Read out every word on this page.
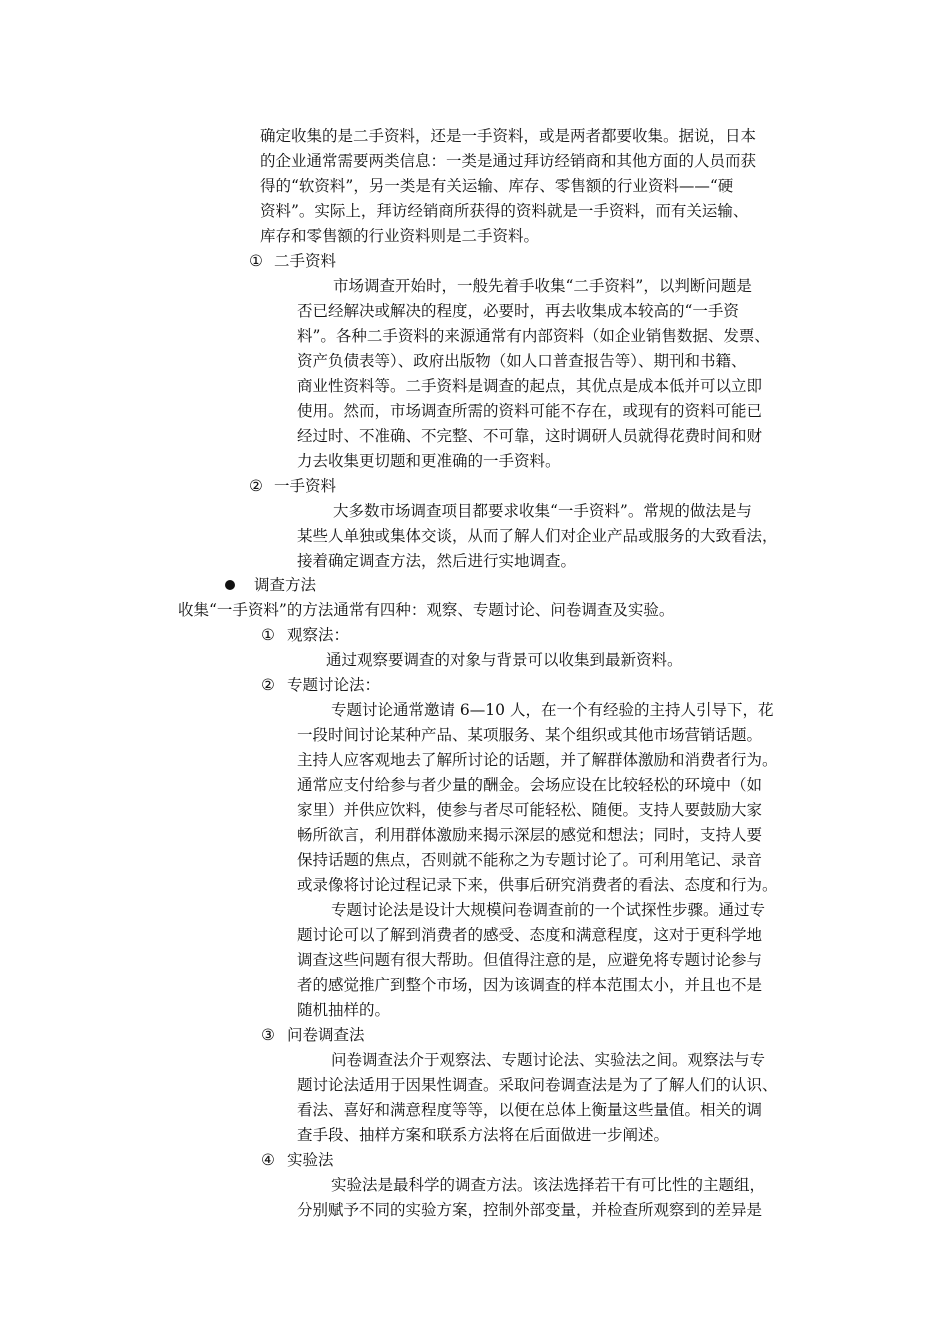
确定收集的是二手资料，还是一手资料，或是两者都要收集。据说，日本
的企业通常需要两类信息：一类是通过拜访经销商和其他方面的人员而获
得的“软资料”，另一类是有关运输、库存、零售额的行业资料——“硬
资料”。实际上，拜访经销商所获得的资料就是一手资料，而有关运输、
库存和零售额的行业资料则是二手资料。
① 二手资料
市场调查开始时，一般先着手收集“二手资料”，以判断问题是
否已经解决或解决的程度，必要时，再去收集成本较高的“一手资
料”。各种二手资料的来源通常有内部资料（如企业销售数据、发票、
资产负债表等）、政府出版物（如人口普查报告等）、期刊和书籍、
商业性资料等。二手资料是调查的起点，其优点是成本低并可以立即
使用。然而，市场调查所需的资料可能不存在，或现有的资料可能已
经过时、不准确、不完整、不可靠，这时调研人员就得花费时间和财
力去收集更切题和更准确的一手资料。
② 一手资料
大多数市场调查项目都要求收集“一手资料”。常规的做法是与
某些人单独或集体交谈，从而了解人们对企业产品或服务的大致看法，
接着确定调查方法，然后进行实地调查。
调查方法
收集“一手资料”的方法通常有四种：观察、专题讨论、问卷调查及实验。
① 观察法：
通过观察要调查的对象与背景可以收集到最新资料。
② 专题讨论法：
专题讨论通常邀请 6—10 人，在一个有经验的主持人引导下，花
一段时间讨论某种产品、某项服务、某个组织或其他市场营销话题。
主持人应客观地去了解所讨论的话题，并了解群体激励和消费者行为。
通常应支付给参与者少量的酬金。会场应设在比较轻松的环境中（如
家里）并供应饮料，使参与者尽可能轻松、随便。支持人要鼓励大家
畅所欲言，利用群体激励来揭示深层的感觉和想法；同时，支持人要
保持话题的焦点，否则就不能称之为专题讨论了。可利用笔记、录音
或录像将讨论过程记录下来，供事后研究消费者的看法、态度和行为。
专题讨论法是设计大规模问卷调查前的一个试探性步骤。通过专
题讨论可以了解到消费者的感受、态度和满意程度，这对于更科学地
调查这些问题有很大帮助。但值得注意的是，应避免将专题讨论参与
者的感觉推广到整个市场，因为该调查的样本范围太小，并且也不是
随机抽样的。
③ 问卷调查法
问卷调查法介于观察法、专题讨论法、实验法之间。观察法与专
题讨论法适用于因果性调查。采取问卷调查法是为了了解人们的认识、
看法、喜好和满意程度等等，以便在总体上衡量这些量值。相关的调
查手段、抽样方案和联系方法将在后面做进一步阐述。
④ 实验法
实验法是最科学的调查方法。该法选择若干有可比性的主题组，
分别赋予不同的实验方案，控制外部变量，并检查所观察到的差异是
